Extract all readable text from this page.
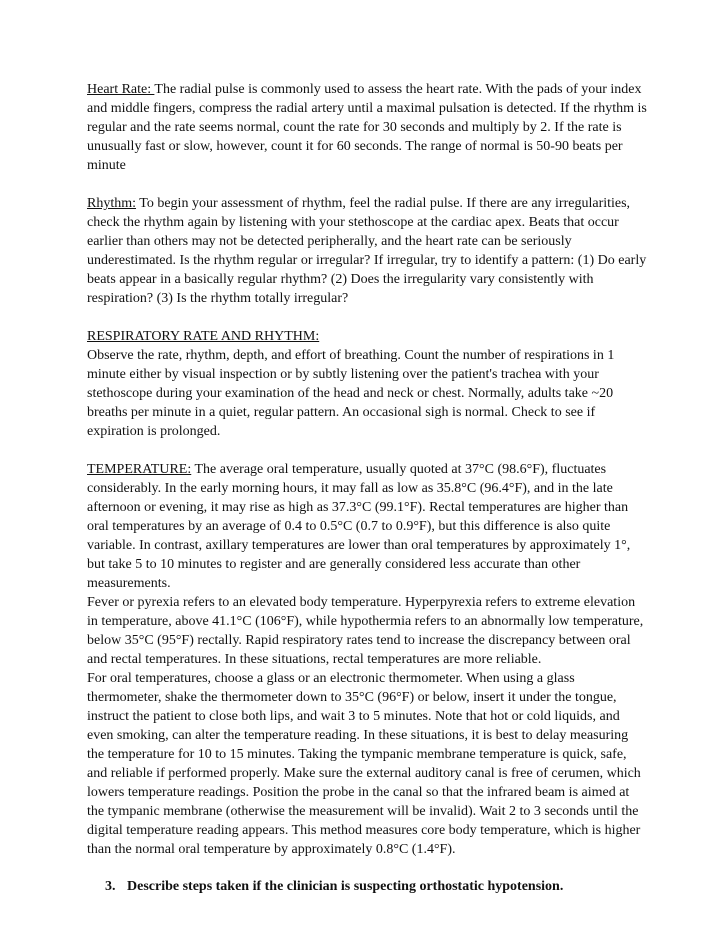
Heart Rate: The radial pulse is commonly used to assess the heart rate. With the pads of your index and middle fingers, compress the radial artery until a maximal pulsation is detected. If the rhythm is regular and the rate seems normal, count the rate for 30 seconds and multiply by 2. If the rate is unusually fast or slow, however, count it for 60 seconds. The range of normal is 50-90 beats per minute

Rhythm: To begin your assessment of rhythm, feel the radial pulse. If there are any irregularities, check the rhythm again by listening with your stethoscope at the cardiac apex. Beats that occur earlier than others may not be detected peripherally, and the heart rate can be seriously underestimated. Is the rhythm regular or irregular? If irregular, try to identify a pattern: (1) Do early beats appear in a basically regular rhythm? (2) Does the irregularity vary consistently with respiration? (3) Is the rhythm totally irregular?

RESPIRATORY RATE AND RHYTHM:
Observe the rate, rhythm, depth, and effort of breathing. Count the number of respirations in 1 minute either by visual inspection or by subtly listening over the patient's trachea with your stethoscope during your examination of the head and neck or chest. Normally, adults take ~20 breaths per minute in a quiet, regular pattern. An occasional sigh is normal. Check to see if expiration is prolonged.

TEMPERATURE: The average oral temperature, usually quoted at 37°C (98.6°F), fluctuates considerably. In the early morning hours, it may fall as low as 35.8°C (96.4°F), and in the late afternoon or evening, it may rise as high as 37.3°C (99.1°F). Rectal temperatures are higher than oral temperatures by an average of 0.4 to 0.5°C (0.7 to 0.9°F), but this difference is also quite variable. In contrast, axillary temperatures are lower than oral temperatures by approximately 1°, but take 5 to 10 minutes to register and are generally considered less accurate than other measurements.

Fever or pyrexia refers to an elevated body temperature. Hyperpyrexia refers to extreme elevation in temperature, above 41.1°C (106°F), while hypothermia refers to an abnormally low temperature, below 35°C (95°F) rectally. Rapid respiratory rates tend to increase the discrepancy between oral and rectal temperatures. In these situations, rectal temperatures are more reliable.

For oral temperatures, choose a glass or an electronic thermometer. When using a glass thermometer, shake the thermometer down to 35°C (96°F) or below, insert it under the tongue, instruct the patient to close both lips, and wait 3 to 5 minutes. Note that hot or cold liquids, and even smoking, can alter the temperature reading. In these situations, it is best to delay measuring the temperature for 10 to 15 minutes. Taking the tympanic membrane temperature is quick, safe, and reliable if performed properly. Make sure the external auditory canal is free of cerumen, which lowers temperature readings. Position the probe in the canal so that the infrared beam is aimed at the tympanic membrane (otherwise the measurement will be invalid). Wait 2 to 3 seconds until the digital temperature reading appears. This method measures core body temperature, which is higher than the normal oral temperature by approximately 0.8°C (1.4°F).

3. Describe steps taken if the clinician is suspecting orthostatic hypotension.
